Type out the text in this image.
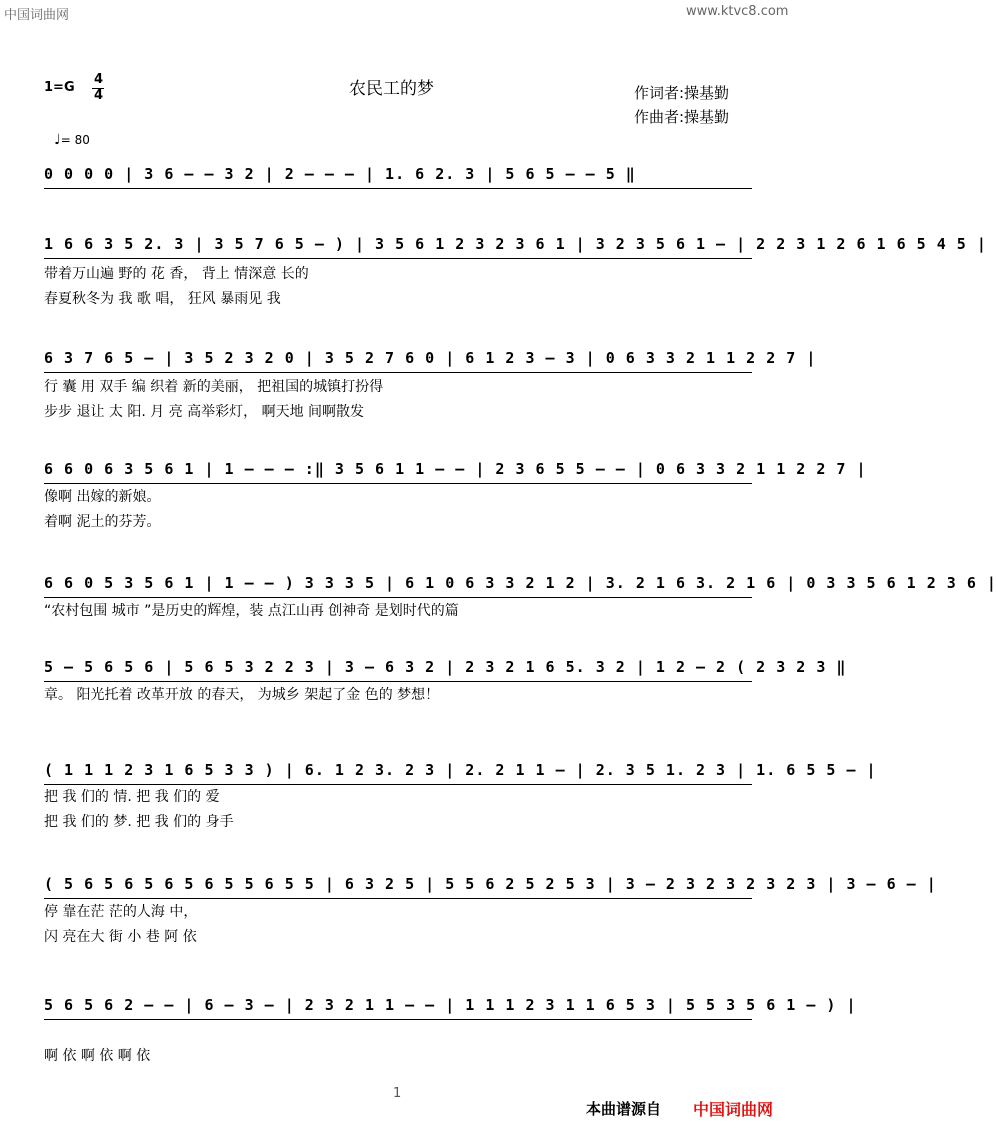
中国词曲网	www.ktvc8.com
1=G
4
4

♩= 80

农民工的梦	作词者:操基勤
作曲者:操基勤
0 0 0 0 | 3 6 – – 3 2 | 2 – – – | 1. 6 2. 3 | 5 6 5 – – 5 ‖
1 6 6 3 5 2. 3 | 3 5 7 6 5 – ) | 3 5 6 1 2 3 2 3 6 1 | 3 2 3 5 6 1 – | 2 2 3 1 2 6 1 6 5 4 5 |
带着万山遍 野的 花 香， 背上 情深意 长的
春夏秋冬为 我 歌 唱， 狂风 暴雨见 我
6 3 7 6 5 – | 3 5 2 3 2 0 | 3 5 2 7 6 0 | 6 1 2 3 – 3 | 0 6 3 3 2 1 1 2 2 7 |
行 囊 用 双手 编 织着 新的美丽， 把祖国的城镇打扮得
步步 退让 太 阳. 月 亮 高举彩灯， 啊天地 间啊散发
6 6 0 6 3 5 6 1 | 1 – – – :‖ 3 5 6 1 1 – – | 2 3 6 5 5 – – | 0 6 3 3 2 1 1 2 2 7 |
像啊 出嫁的新娘。
着啊 泥土的芬芳。
6 6 0 5 3 5 6 1 | 1 – – ) 3 3 3 5 | 6 1 0 6 3 3 2 1 2 | 3. 2 1 6 3. 2 1 6 | 0 3 3 5 6 1 2 3 6 |
“农村包围 城市 ”是历史的辉煌，装 点江山再 创神奇 是划时代的篇
5 – 5 6 5 6 | 5 6 5 3 2 2 3 | 3 – 6 3 2 | 2 3 2 1 6 5. 3 2 | 1 2 – 2 ( 2 3 2 3 ‖
章。 阳光托着 改革开放 的春天， 为城乡 架起了金 色的 梦想！
( 1 1 1 2 3 1 6 5 3 3 ) | 6. 1 2 3. 2 3 | 2. 2 1 1 – | 2. 3 5 1. 2 3 | 1. 6 5 5 – |
把 我 们的 情. 把 我 们的 爱
把 我 们的 梦. 把 我 们的 身手
( 5 6 5 6 5 6 5 6 5 5 6 5 5 | 6 3 2 5 | 5 5 6 2 5 2 5 3 | 3 – 2 3 2 3 2 3 2 3 | 3 – 6 – |
停 靠在茫 茫的人海 中，
闪 亮在大 街 小 巷 阿 依
5 6 5 6 2 – – | 6 – 3 – | 2 3 2 1 1 – – | 1 1 1 2 3 1 1 6 5 3 | 5 5 3 5 6 1 – ) |
啊 依 啊 依 啊 依
1
本曲谱源自 中国词曲网
